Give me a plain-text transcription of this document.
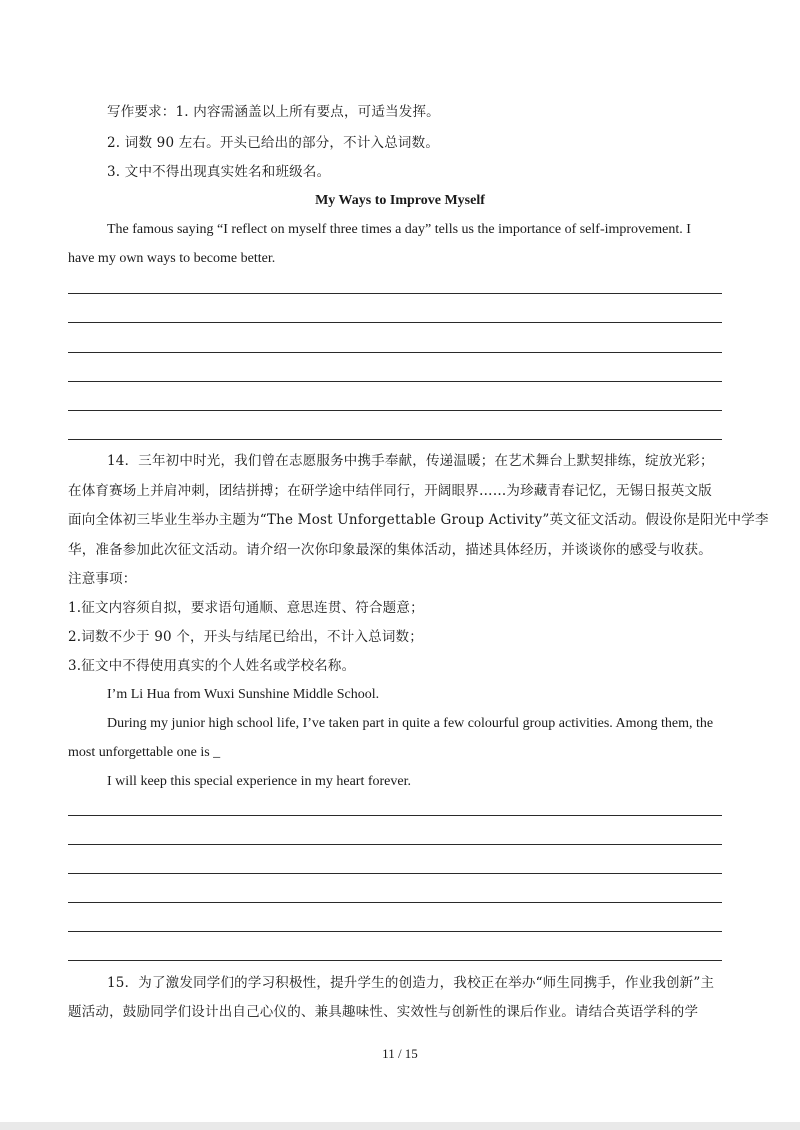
写作要求：1. 内容需涵盖以上所有要点，可适当发挥。
2. 词数 90 左右。开头已给出的部分，不计入总词数。
3. 文中不得出现真实姓名和班级名。
My Ways to Improve Myself
The famous saying “I reflect on myself three times a day” tells us the importance of self-improvement. I
have my own ways to become better.
14．三年初中时光，我们曾在志愿服务中携手奉献，传递温暖；在艺术舞台上默契排练，绽放光彩；
在体育赛场上并肩冲刺，团结拼搏；在研学途中结伴同行，开阔眼界……为珍藏青春记忆，无锡日报英文版
面向全体初三毕业生举办主题为“The Most Unforgettable Group Activity”英文征文活动。假设你是阳光中学李
华，准备参加此次征文活动。请介绍一次你印象最深的集体活动，描述具体经历，并谈谈你的感受与收获。
注意事项：
1.征文内容须自拟，要求语句通顺、意思连贯、符合题意；
2.词数不少于 90 个，开头与结尾已给出，不计入总词数；
3.征文中不得使用真实的个人姓名或学校名称。
I’m Li Hua from Wuxi Sunshine Middle School.
During my junior high school life, I’ve taken part in quite a few colourful group activities. Among them, the
most unforgettable one is _
I will keep this special experience in my heart forever.
15．为了激发同学们的学习积极性，提升学生的创造力，我校正在举办“师生同携手，作业我创新”主
题活动，鼓励同学们设计出自己心仪的、兼具趣味性、实效性与创新性的课后作业。请结合英语学科的学
11 / 15
